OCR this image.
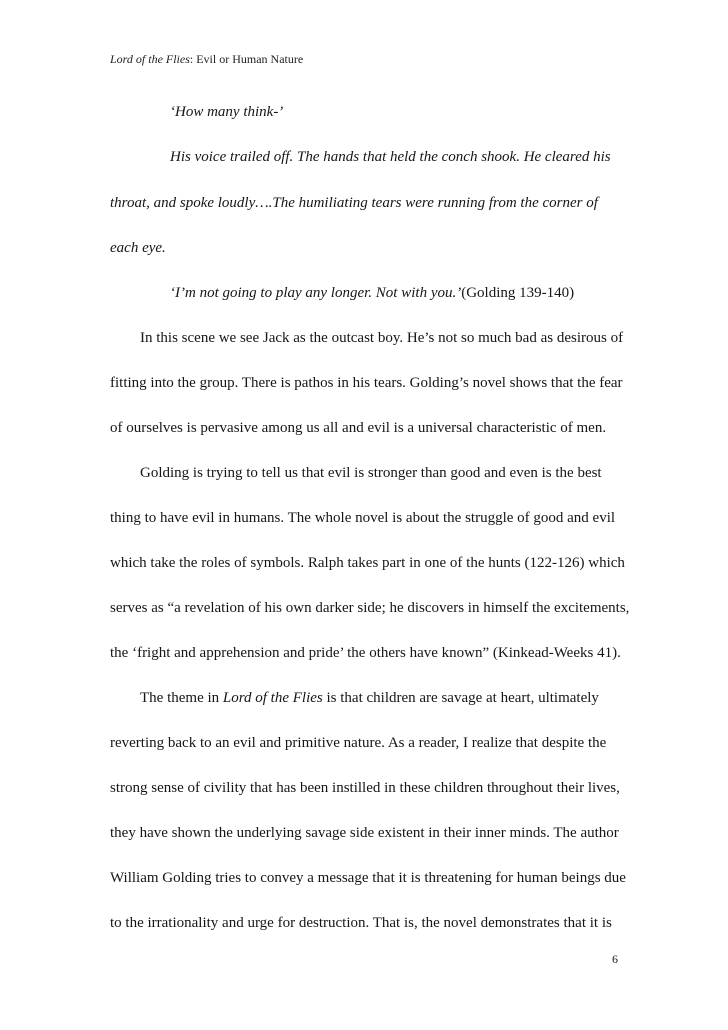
Lord of the Flies: Evil or Human Nature
‘How many think-’
His voice trailed off. The hands that held the conch shook. He cleared his
throat, and spoke loudly….The humiliating tears were running from the corner of
each eye.
‘I’m not going to play any longer. Not with you.’(Golding 139-140)
In this scene we see Jack as the outcast boy. He’s not so much bad as desirous of
fitting into the group. There is pathos in his tears. Golding’s novel shows that the fear
of ourselves is pervasive among us all and evil is a universal characteristic of men.
Golding is trying to tell us that evil is stronger than good and even is the best
thing to have evil in humans. The whole novel is about the struggle of good and evil
which take the roles of symbols. Ralph takes part in one of the hunts (122-126) which
serves as “a revelation of his own darker side; he discovers in himself the excitements,
the ‘fright and apprehension and pride’ the others have known” (Kinkead-Weeks 41).
The theme in Lord of the Flies is that children are savage at heart, ultimately
reverting back to an evil and primitive nature. As a reader, I realize that despite the
strong sense of civility that has been instilled in these children throughout their lives,
they have shown the underlying savage side existent in their inner minds. The author
William Golding tries to convey a message that it is threatening for human beings due
to the irrationality and urge for destruction. That is, the novel demonstrates that it is
6
